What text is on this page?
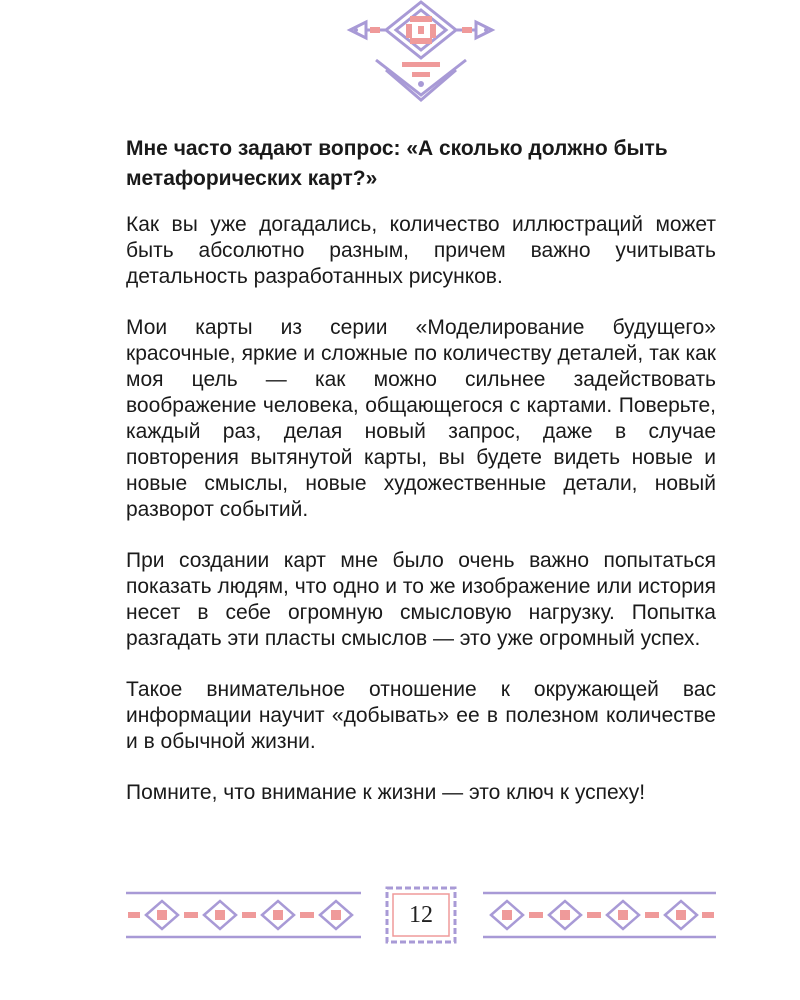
Мне часто задают вопрос: «А сколько должно быть метафорических карт?»

Как вы уже догадались, количество иллюстраций может быть абсолютно разным, причем важно учитывать детальность разработанных рисунков.

Мои карты из серии «Моделирование будущего» красочные, яркие и сложные по количеству деталей, так как моя цель — как можно сильнее задействовать воображение человека, общающегося с картами. Поверьте, каждый раз, делая новый запрос, даже в случае повторения вытянутой карты, вы будете видеть новые и новые смыслы, новые художественные детали, новый разворот событий.

При создании карт мне было очень важно попытаться показать людям, что одно и то же изображение или история несет в себе огромную смысловую нагрузку. Попытка разгадать эти пласты смыслов — это уже огромный успех.

Такое внимательное отношение к окружающей вас информации научит «добывать» ее в полезном количестве и в обычной жизни.

Помните, что внимание к жизни — это ключ к успеху!

12
